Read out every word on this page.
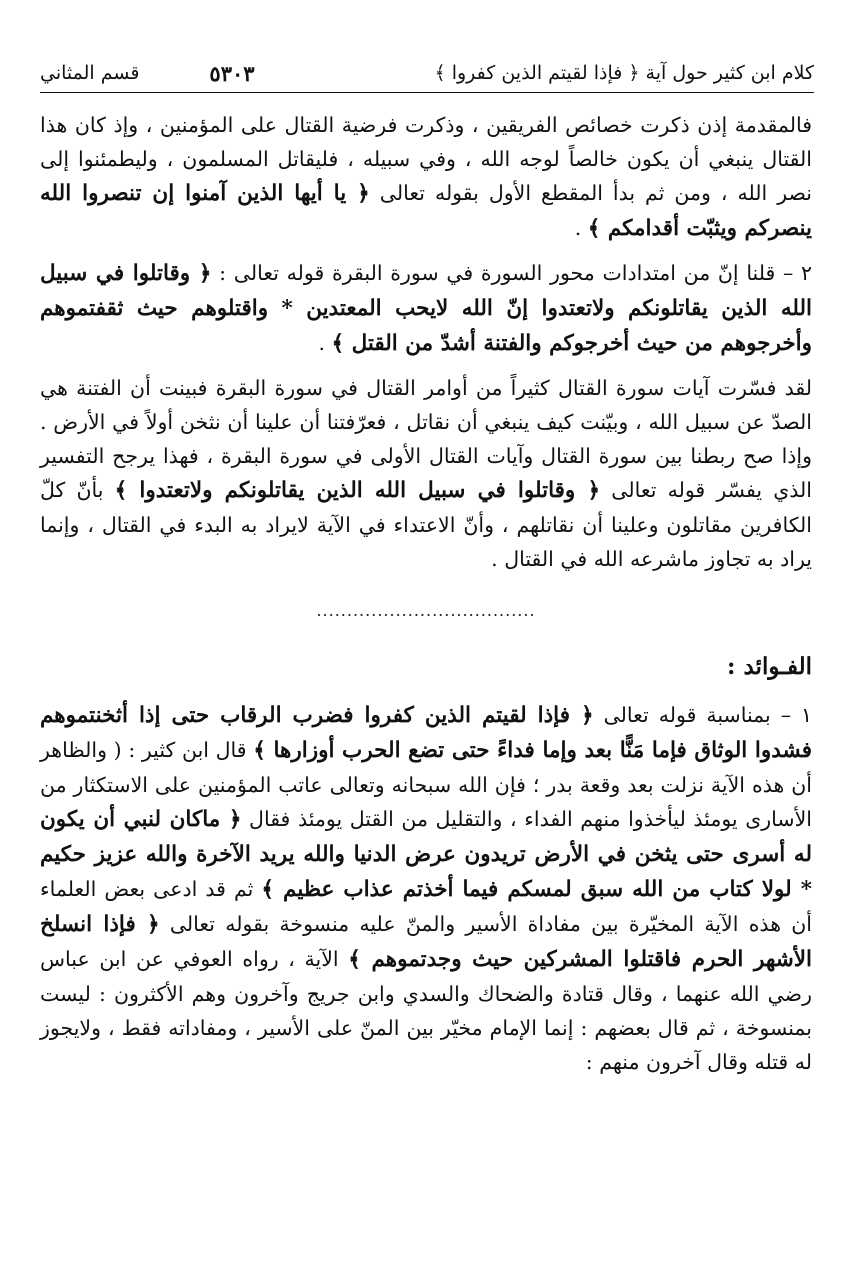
كلام ابن كثير حول آية ﴿ فإذا لقيتم الذين كفروا ﴾
قسم المثاني	٥٣٠٣

فالمقدمة إذن ذكرت خصائص الفريقين ، وذكرت فرضية القتال على المؤمنين ، وإذ كان هذا القتال ينبغي أن يكون خالصاً لوجه الله ، وفي سبيله ، فليقاتل المسلمون ، وليطمئنوا إلى نصر الله ، ومن ثم بدأ المقطع الأول بقوله تعالى ﴿ يا أيها الذين آمنوا إن تنصروا الله ينصركم ويثبّت أقدامكم ﴾ .

٢ – قلنا إنّ من امتدادات محور السورة في سورة البقرة قوله تعالى : ﴿ وقاتلوا في سبيل الله الذين يقاتلونكم ولاتعتدوا إنّ الله لايحب المعتدين * واقتلوهم حيث ثقفتموهم وأخرجوهم من حيث أخرجوكم والفتنة أشدّ من القتل ﴾ .

لقد فسّرت آيات سورة القتال كثيراً من أوامر القتال في سورة البقرة فبينت أن الفتنة هي الصدّ عن سبيل الله ، وبيّنت كيف ينبغي أن نقاتل ، فعرّفتنا أن علينا أن نثخن أولاً في الأرض . وإذا صح ربطنا بين سورة القتال وآيات القتال الأولى في سورة البقرة ، فهذا يرجح التفسير الذي يفسّر قوله تعالى ﴿ وقاتلوا في سبيل الله الذين يقاتلونكم ولاتعتدوا ﴾ بأنّ كلّ الكافرين مقاتلون وعلينا أن نقاتلهم ، وأنّ الاعتداء في الآية لايراد به البدء في القتال ، وإنما يراد به تجاوز ماشرعه الله في القتال .

....................................
الفـوائد :

١ – بمناسبة قوله تعالى ﴿ فإذا لقيتم الذين كفروا فضرب الرقاب حتى إذا أثخنتموهم فشدوا الوثاق فإما مَنًّا بعد وإما فداءً حتى تضع الحرب أوزارها ﴾ قال ابن كثير : ( والظاهر أن هذه الآية نزلت بعد وقعة بدر ؛ فإن الله سبحانه وتعالى عاتب المؤمنين على الاستكثار من الأسارى يومئذ ليأخذوا منهم الفداء ، والتقليل من القتل يومئذ فقال ﴿ ماكان لنبي أن يكون له أسرى حتى يثخن في الأرض تريدون عرض الدنيا والله يريد الآخرة والله عزيز حكيم * لولا كتاب من الله سبق لمسكم فيما أخذتم عذاب عظيم ﴾ ثم قد ادعى بعض العلماء أن هذه الآية المخيّرة بين مفاداة الأسير والمنّ عليه منسوخة بقوله تعالى ﴿ فإذا انسلخ الأشهر الحرم فاقتلوا المشركين حيث وجدتموهم ﴾ الآية ، رواه العوفي عن ابن عباس رضي الله عنهما ، وقال قتادة والضحاك والسدي وابن جريج وآخرون وهم الأكثرون : ليست بمنسوخة ، ثم قال بعضهم : إنما الإمام مخيّر بين المنّ على الأسير ، ومفاداته فقط ، ولايجوز له قتله وقال آخرون منهم :
